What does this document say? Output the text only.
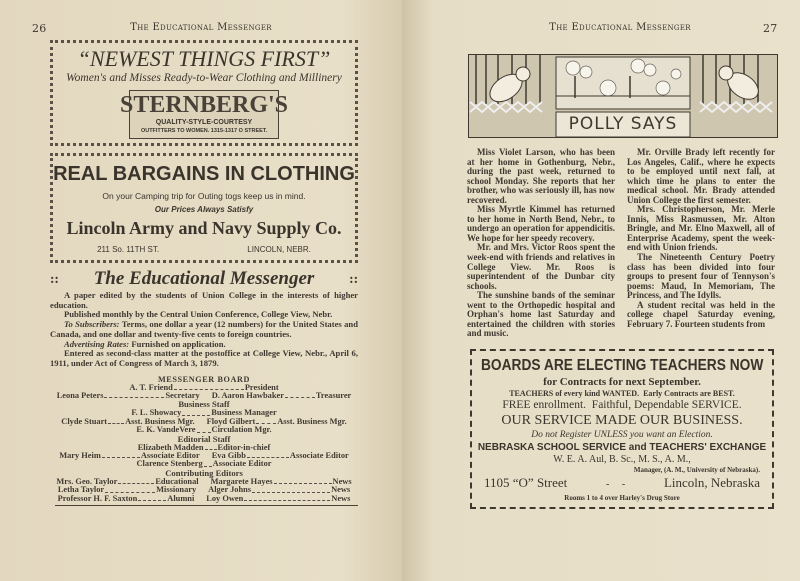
26	The Educational Messenger
“NEWEST THINGS FIRST”
Women's and Misses Ready-to-Wear Clothing and Millinery
STERNBERG'S
QUALITY-STYLE-COURTESY
OUTFITTERS TO WOMEN. 1315-1317 O STREET.
REAL BARGAINS IN CLOTHING
On your Camping trip for Outing togs keep us in mind.
Our Prices Always Satisfy
Lincoln Army and Navy Supply Co.
211 So. 11TH ST.	LINCOLN, NEBR.
:: The Educational Messenger	::

A paper edited by the students of Union College in the interests of higher education.

Published monthly by the Central Union Conference, College View, Nebr.

To Subscribers: Terms, one dollar a year (12 numbers) for the United States and Canada, and one dollar and twenty-five cents to foreign countries.

Advertising Rates: Furnished on application.

Entered as second-class matter at the postoffice at College View, Nebr., April 6, 1911, under Act of Congress of March 3, 1879.

MESSENGER BOARD
A. T. Friend	President
Leona Peters	Secretary D. Aaron Hawbaker	Treasurer
Business Staff
F. L. Showacy	Business Manager
Clyde Stuart Asst. Business Mgr. Floyd Gilbert	Asst. Business Mgr.
E. K. VandeVere Circulation Mgr.
Editorial Staff
Elizabeth Madden Editor-in-chief
Mary Heim	Associate Editor Eva Gibb	Associate Editor
Clarence Stenberg Associate Editor
Contributing Editors
Mrs. Geo. Taylor	Educational Margarete Hayes	News
Letha Taylor	Missionary Alger Johns	News
Professor H. F. Saxton	Alumni Loy Owen	News
The Educational Messenger	27
POLLY SAYS

Miss Violet Larson, who has been at her home in Gothenburg, Nebr., during the past week, returned to school Monday. She reports that her brother, who was seriously ill, has now recovered.

Miss Myrtle Kimmel has returned to her home in North Bend, Nebr., to undergo an operation for appendicitis. We hope for her speedy recovery.

Mr. and Mrs. Victor Roos spent the week-end with friends and relatives in College View. Mr. Roos is superintendent of the Dunbar city schools.

The sunshine bands of the seminar went to the Orthopedic hospital and Orphan's home last Saturday and entertained the children with stories and music.

Mr. Orville Brady left recently for Los Angeles, Calif., where he expects to be employed until next fall, at which time he plans to enter the medical school. Mr. Brady attended Union College the first semester.

Mrs. Christopherson, Mr. Merle Innis, Miss Rasmussen, Mr. Alton Bringle, and Mr. Elno Maxwell, all of Enterprise Academy, spent the week-end with Union friends.

The Nineteenth Century Poetry class has been divided into four groups to present four of Tennyson's poems: Maud, In Memoriam, The Princess, and The Idylls.

A student recital was held in the college chapel Saturday evening, February 7. Fourteen students from

BOARDS ARE ELECTING TEACHERS NOW
for Contracts for next September.
TEACHERS of every kind WANTED.  Early Contracts are BEST.
FREE enrollment.  Faithful, Dependable SERVICE.
OUR SERVICE MADE OUR BUSINESS.
Do not Register UNLESS you want an Election.
NEBRASKA SCHOOL SERVICE and TEACHERS' EXCHANGE
W. E. A. Aul, B. Sc., M. S., A. M.,
Manager, (A. M., University of Nebraska).
1105 “O” Street	-     -	Lincoln, Nebraska
Rooms 1 to 4 over Harley's Drug Store
